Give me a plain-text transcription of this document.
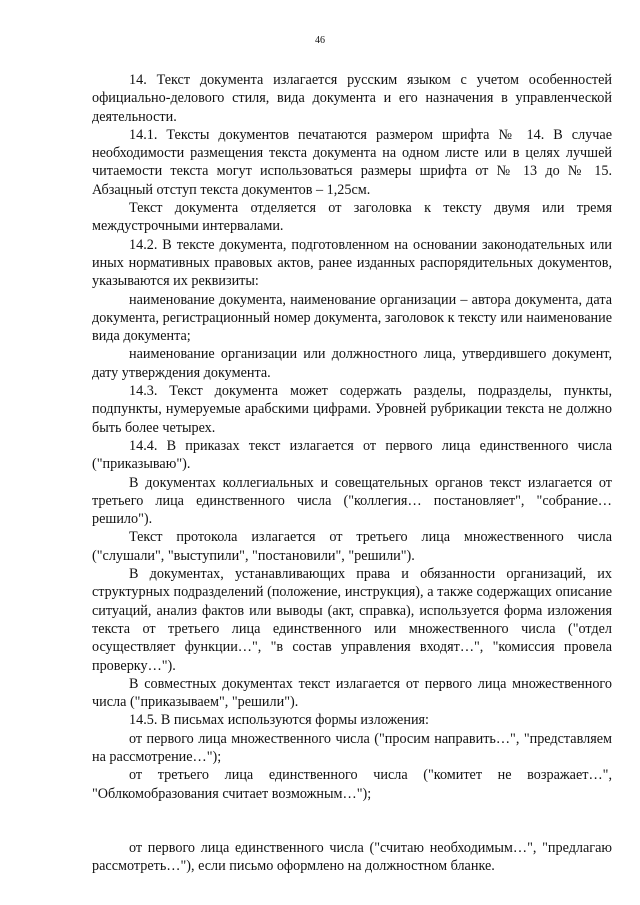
46

14. Текст документа излагается русским языком с учетом особенностей официально-делового стиля, вида документа и его назначения в управленческой деятельности.

14.1. Тексты документов печатаются размером шрифта № 14. В случае необходимости размещения текста документа на одном листе или в целях лучшей читаемости текста могут использоваться размеры шрифта от № 13 до № 15. Абзацный отступ текста документов – 1,25см.

Текст документа отделяется от заголовка к тексту двумя или тремя междустрочными интервалами.

14.2. В тексте документа, подготовленном на основании законодательных или иных нормативных правовых актов, ранее изданных распорядительных документов, указываются их реквизиты:

наименование документа, наименование организации – автора документа, дата документа, регистрационный номер документа, заголовок к тексту или наименование вида документа;

наименование организации или должностного лица, утвердившего документ, дату утверждения документа.

14.3. Текст документа может содержать разделы, подразделы, пункты, подпункты, нумеруемые арабскими цифрами. Уровней рубрикации текста не должно быть более четырех.

14.4. В приказах текст излагается от первого лица единственного числа ("приказываю").

В документах коллегиальных и совещательных органов текст излагается от третьего лица единственного числа ("коллегия… постановляет", "собрание… решило").

Текст протокола излагается от третьего лица множественного числа ("слушали", "выступили", "постановили", "решили").

В документах, устанавливающих права и обязанности организаций, их структурных подразделений (положение, инструкция), а также содержащих описание ситуаций, анализ фактов или выводы (акт, справка), используется форма изложения текста от третьего лица единственного или множественного числа ("отдел осуществляет функции…", "в состав управления входят…", "комиссия провела проверку…").

В совместных документах текст излагается от первого лица множественного числа ("приказываем", "решили").

14.5. В письмах используются формы изложения:

от первого лица множественного числа ("просим направить…", "представляем на рассмотрение…");

от третьего лица единственного числа ("комитет не возражает…", "Облкомобразования считает возможным…");

от первого лица единственного числа ("считаю необходимым…", "предлагаю рассмотреть…"), если письмо оформлено на должностном бланке.
